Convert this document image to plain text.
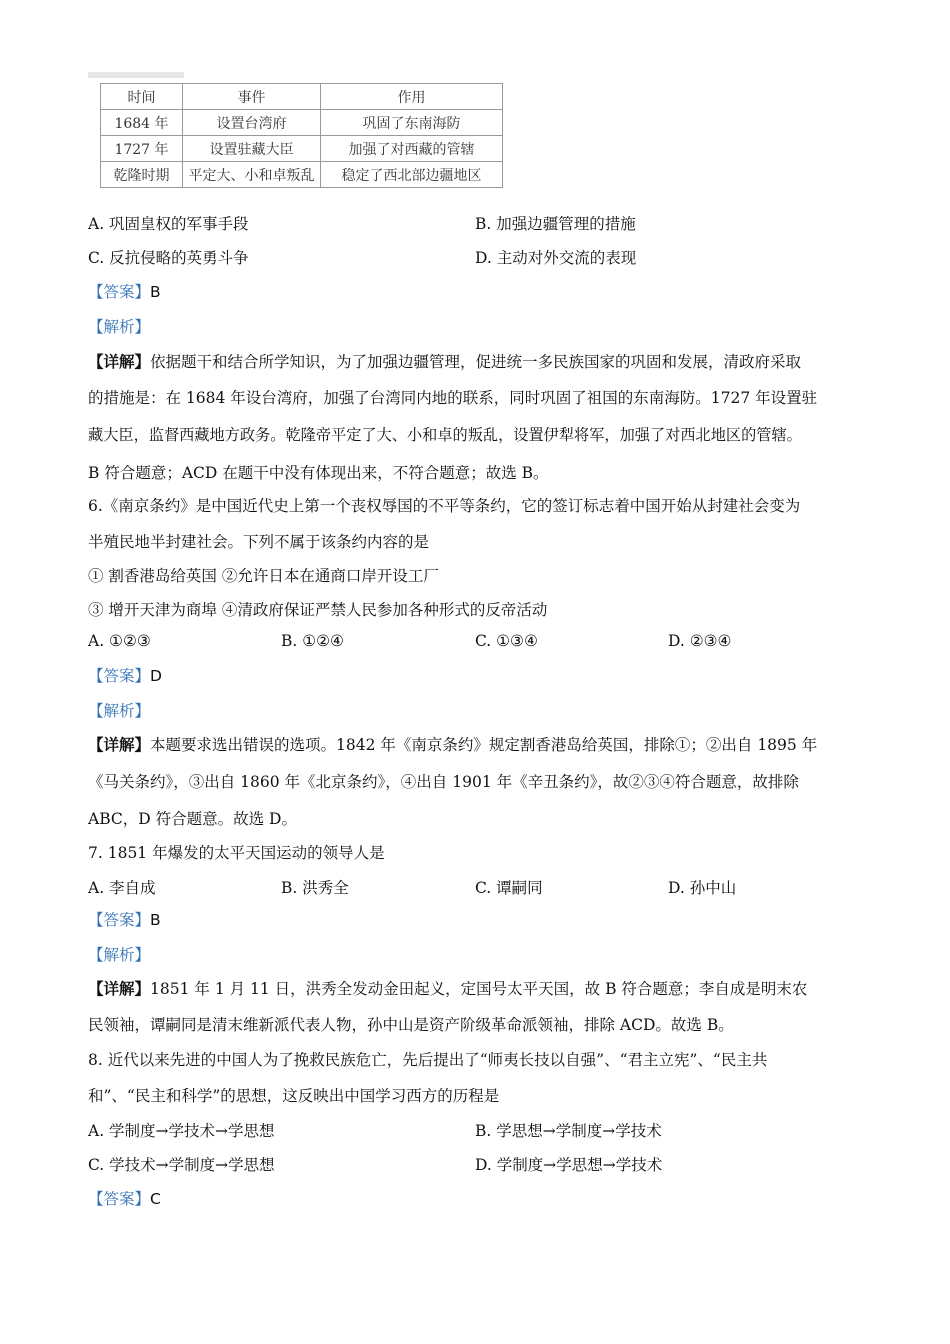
时间	事件	作用
1684 年	设置台湾府	巩固了东南海防
1727 年	设置驻藏大臣	加强了对西藏的管辖
乾隆时期	平定大、小和卓叛乱	稳定了西北部边疆地区
A. 巩固皇权的军事手段	B. 加强边疆管理的措施
C. 反抗侵略的英勇斗争	D. 主动对外交流的表现
【答案】B
【解析】
【详解】依据题干和结合所学知识，为了加强边疆管理，促进统一多民族国家的巩固和发展，清政府采取
的措施是：在 1684 年设台湾府，加强了台湾同内地的联系，同时巩固了祖国的东南海防。1727 年设置驻
藏大臣，监督西藏地方政务。乾隆帝平定了大、小和卓的叛乱，设置伊犁将军，加强了对西北地区的管辖。
B 符合题意；ACD 在题干中没有体现出来，不符合题意；故选 B。
6.《南京条约》是中国近代史上第一个丧权辱国的不平等条约，它的签订标志着中国开始从封建社会变为
半殖民地半封建社会。下列不属于该条约内容的是
① 割香港岛给英国 ②允许日本在通商口岸开设工厂
③ 增开天津为商埠 ④清政府保证严禁人民参加各种形式的反帝活动
A. ①②③	B. ①②④	C. ①③④	D. ②③④
【答案】D
【解析】
【详解】本题要求选出错误的选项。1842 年《南京条约》规定割香港岛给英国，排除①；②出自 1895 年
《马关条约》，③出自 1860 年《北京条约》，④出自 1901 年《辛丑条约》，故②③④符合题意，故排除
ABC，D 符合题意。故选 D。
7. 1851 年爆发的太平天国运动的领导人是
A. 李自成	B. 洪秀全	C. 谭嗣同	D. 孙中山
【答案】B
【解析】
【详解】1851 年 1 月 11 日，洪秀全发动金田起义，定国号太平天国，故 B 符合题意；李自成是明末农
民领袖，谭嗣同是清末维新派代表人物，孙中山是资产阶级革命派领袖，排除 ACD。故选 B。
8. 近代以来先进的中国人为了挽救民族危亡，先后提出了“师夷长技以自强”、“君主立宪”、“民主共
和”、“民主和科学”的思想，这反映出中国学习西方的历程是
A. 学制度→学技术→学思想	B. 学思想→学制度→学技术
C. 学技术→学制度→学思想	D. 学制度→学思想→学技术
【答案】C
